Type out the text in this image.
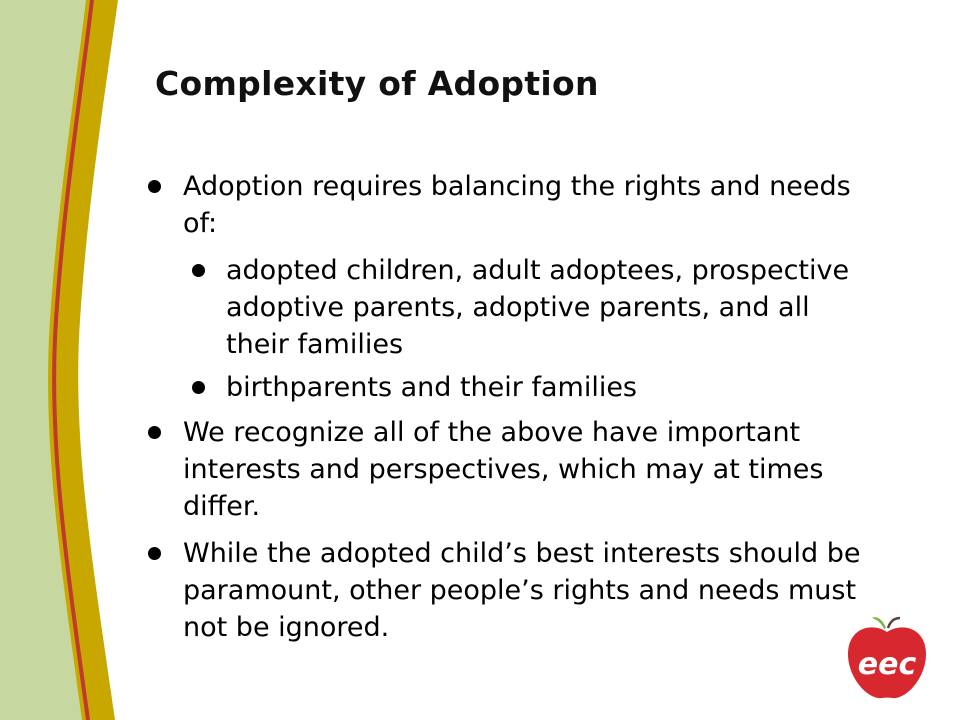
Complexity of Adoption

Adoption requires balancing the rights and needs of:

adopted children, adult adoptees, prospective adoptive parents, adoptive parents, and all their families

birthparents and their families

We recognize all of the above have important interests and perspectives, which may at times differ.

While the adopted child’s best interests should be paramount, other people’s rights and needs must not be ignored.

eec
